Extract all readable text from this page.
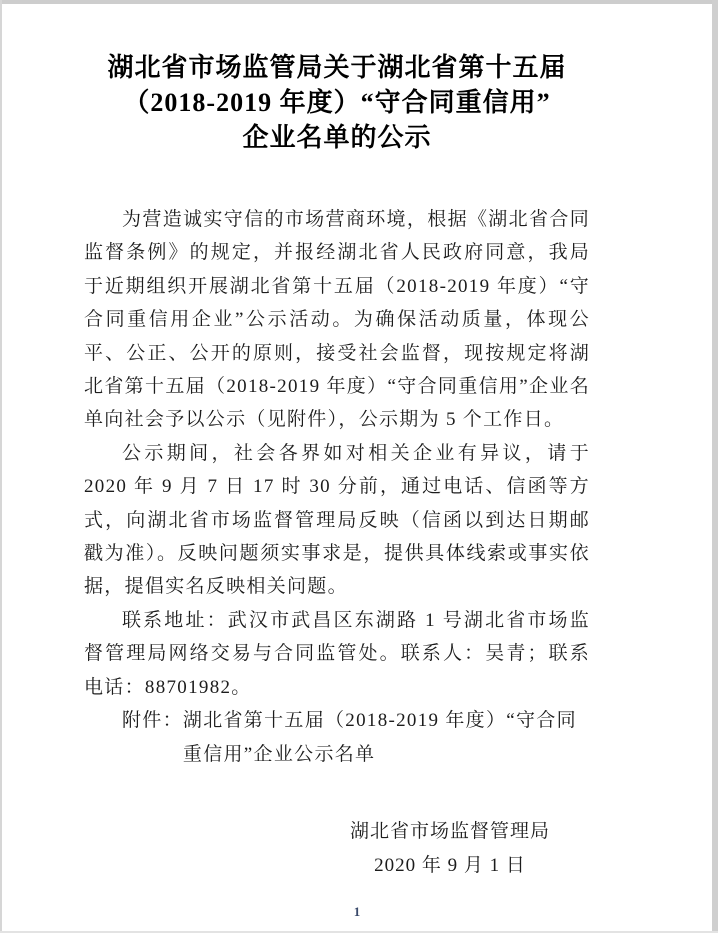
湖北省市场监管局关于湖北省第十五届
（2018-2019 年度）“守合同重信用”
企业名单的公示

为营造诚实守信的市场营商环境，根据《湖北省合同监督条例》的规定，并报经湖北省人民政府同意，我局于近期组织开展湖北省第十五届（2018-2019 年度）“守合同重信用企业”公示活动。为确保活动质量，体现公平、公正、公开的原则，接受社会监督，现按规定将湖北省第十五届（2018-2019 年度）“守合同重信用”企业名单向社会予以公示（见附件），公示期为 5 个工作日。

公示期间，社会各界如对相关企业有异议，请于 2020 年 9 月 7 日 17 时 30 分前，通过电话、信函等方式，向湖北省市场监督管理局反映（信函以到达日期邮戳为准）。反映问题须实事求是，提供具体线索或事实依据，提倡实名反映相关问题。

联系地址：武汉市武昌区东湖路 1 号湖北省市场监督管理局网络交易与合同监管处。联系人：吴青；联系电话：88701982。

附件： 湖北省第十五届（2018-2019 年度）“守合同重信用”企业公示名单
湖北省市场监督管理局
2020 年 9 月 1 日
1
